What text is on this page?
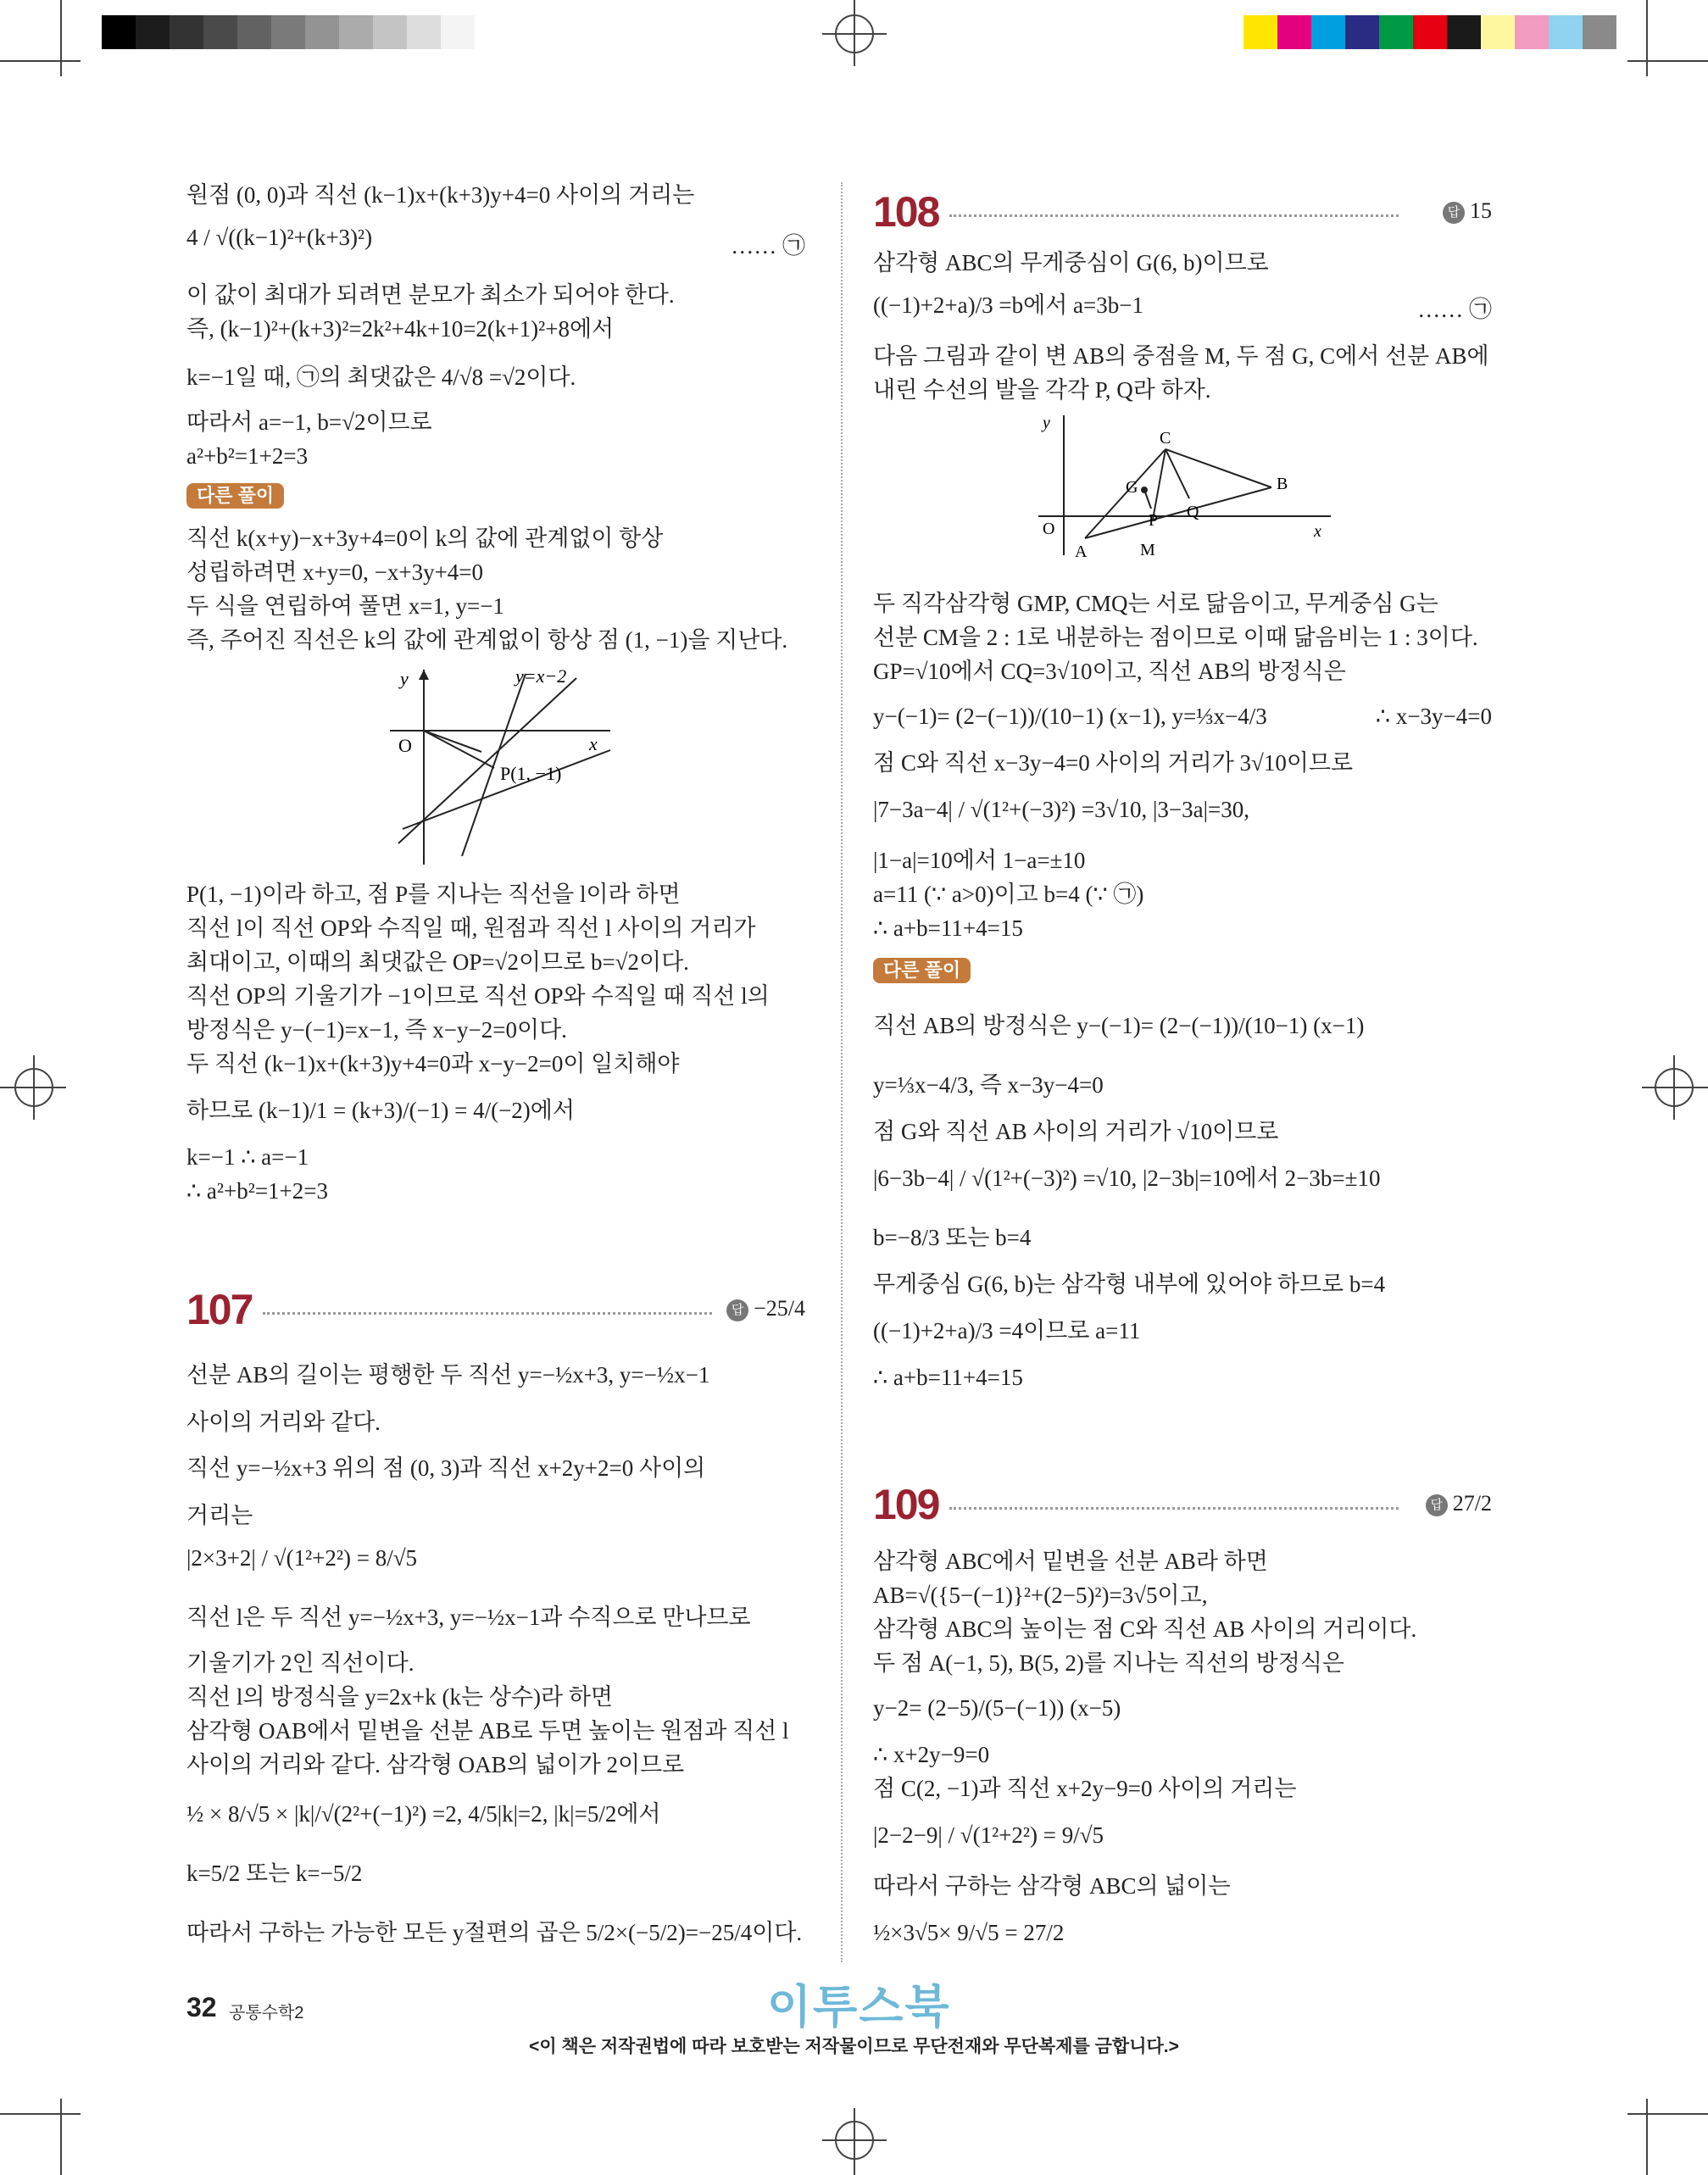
원점 (0, 0)과 직선 (k−1)x+(k+3)y+4=0 사이의 거리는
4 / √((k−1)²+(k+3)²)	…… ㉠
이 값이 최대가 되려면 분모가 최소가 되어야 한다.
즉, (k−1)²+(k+3)²=2k²+4k+10=2(k+1)²+8에서
k=−1일 때, ㉠의 최댓값은 4/√8 =√2이다.
따라서 a=−1, b=√2이므로
a²+b²=1+2=3
다른 풀이
직선 k(x+y)−x+3y+4=0이 k의 값에 관계없이 항상
성립하려면 x+y=0, −x+3y+4=0
두 식을 연립하여 풀면 x=1, y=−1
즉, 주어진 직선은 k의 값에 관계없이 항상 점 (1, −1)을 지난다.
y
x
O
y=x−2
P(1, −1)
P(1, −1)이라 하고, 점 P를 지나는 직선을 l이라 하면
직선 l이 직선 OP와 수직일 때, 원점과 직선 l 사이의 거리가
최대이고, 이때의 최댓값은 OP=√2이므로 b=√2이다.
직선 OP의 기울기가 −1이므로 직선 OP와 수직일 때 직선 l의
방정식은 y−(−1)=x−1, 즉 x−y−2=0이다.
두 직선 (k−1)x+(k+3)y+4=0과 x−y−2=0이 일치해야
하므로 (k−1)/1 = (k+3)/(−1) = 4/(−2)에서
k=−1 ∴ a=−1
∴ a²+b²=1+2=3
107	답 −25/4
선분 AB의 길이는 평행한 두 직선 y=−½x+3, y=−½x−1
사이의 거리와 같다.
직선 y=−½x+3 위의 점 (0, 3)과 직선 x+2y+2=0 사이의
거리는
|2×3+2| / √(1²+2²) = 8/√5
직선 l은 두 직선 y=−½x+3, y=−½x−1과 수직으로 만나므로
기울기가 2인 직선이다.
직선 l의 방정식을 y=2x+k (k는 상수)라 하면
삼각형 OAB에서 밑변을 선분 AB로 두면 높이는 원점과 직선 l
사이의 거리와 같다. 삼각형 OAB의 넓이가 2이므로
½ × 8/√5 × |k|/√(2²+(−1)²) =2, 4/5|k|=2, |k|=5/2에서
k=5/2 또는 k=−5/2
따라서 구하는 가능한 모든 y절편의 곱은 5/2×(−5/2)=−25/4이다.
108	답 15
삼각형 ABC의 무게중심이 G(6, b)이므로
((−1)+2+a)/3 =b에서 a=3b−1	…… ㉠
다음 그림과 같이 변 AB의 중점을 M, 두 점 G, C에서 선분 AB에
내린 수선의 발을 각각 P, Q라 하자.
y
x
O
A
B
C
G
P Q
M
두 직각삼각형 GMP, CMQ는 서로 닮음이고, 무게중심 G는
선분 CM을 2 : 1로 내분하는 점이므로 이때 닮음비는 1 : 3이다.
GP=√10에서 CQ=3√10이고, 직선 AB의 방정식은
y−(−1)= (2−(−1))/(10−1) (x−1), y=⅓x−4/3	∴ x−3y−4=0
점 C와 직선 x−3y−4=0 사이의 거리가 3√10이므로
|7−3a−4| / √(1²+(−3)²) =3√10, |3−3a|=30,
|1−a|=10에서 1−a=±10
a=11 (∵ a>0)이고 b=4 (∵ ㉠)
∴ a+b=11+4=15
다른 풀이
직선 AB의 방정식은 y−(−1)= (2−(−1))/(10−1) (x−1)
y=⅓x−4/3, 즉 x−3y−4=0
점 G와 직선 AB 사이의 거리가 √10이므로
|6−3b−4| / √(1²+(−3)²) =√10, |2−3b|=10에서 2−3b=±10
b=−8/3 또는 b=4
무게중심 G(6, b)는 삼각형 내부에 있어야 하므로 b=4
((−1)+2+a)/3 =4이므로 a=11
∴ a+b=11+4=15
109	답 27/2
삼각형 ABC에서 밑변을 선분 AB라 하면
AB=√({5−(−1)}²+(2−5)²)=3√5이고,
삼각형 ABC의 높이는 점 C와 직선 AB 사이의 거리이다.
두 점 A(−1, 5), B(5, 2)를 지나는 직선의 방정식은
y−2= (2−5)/(5−(−1)) (x−5)
∴ x+2y−9=0
점 C(2, −1)과 직선 x+2y−9=0 사이의 거리는
|2−2−9| / √(1²+2²) = 9/√5
따라서 구하는 삼각형 ABC의 넓이는
½×3√5× 9/√5 = 27/2
32 공통수학2	이투스북
<이 책은 저작권법에 따라 보호받는 저작물이므로 무단전재와 무단복제를 금합니다.>
